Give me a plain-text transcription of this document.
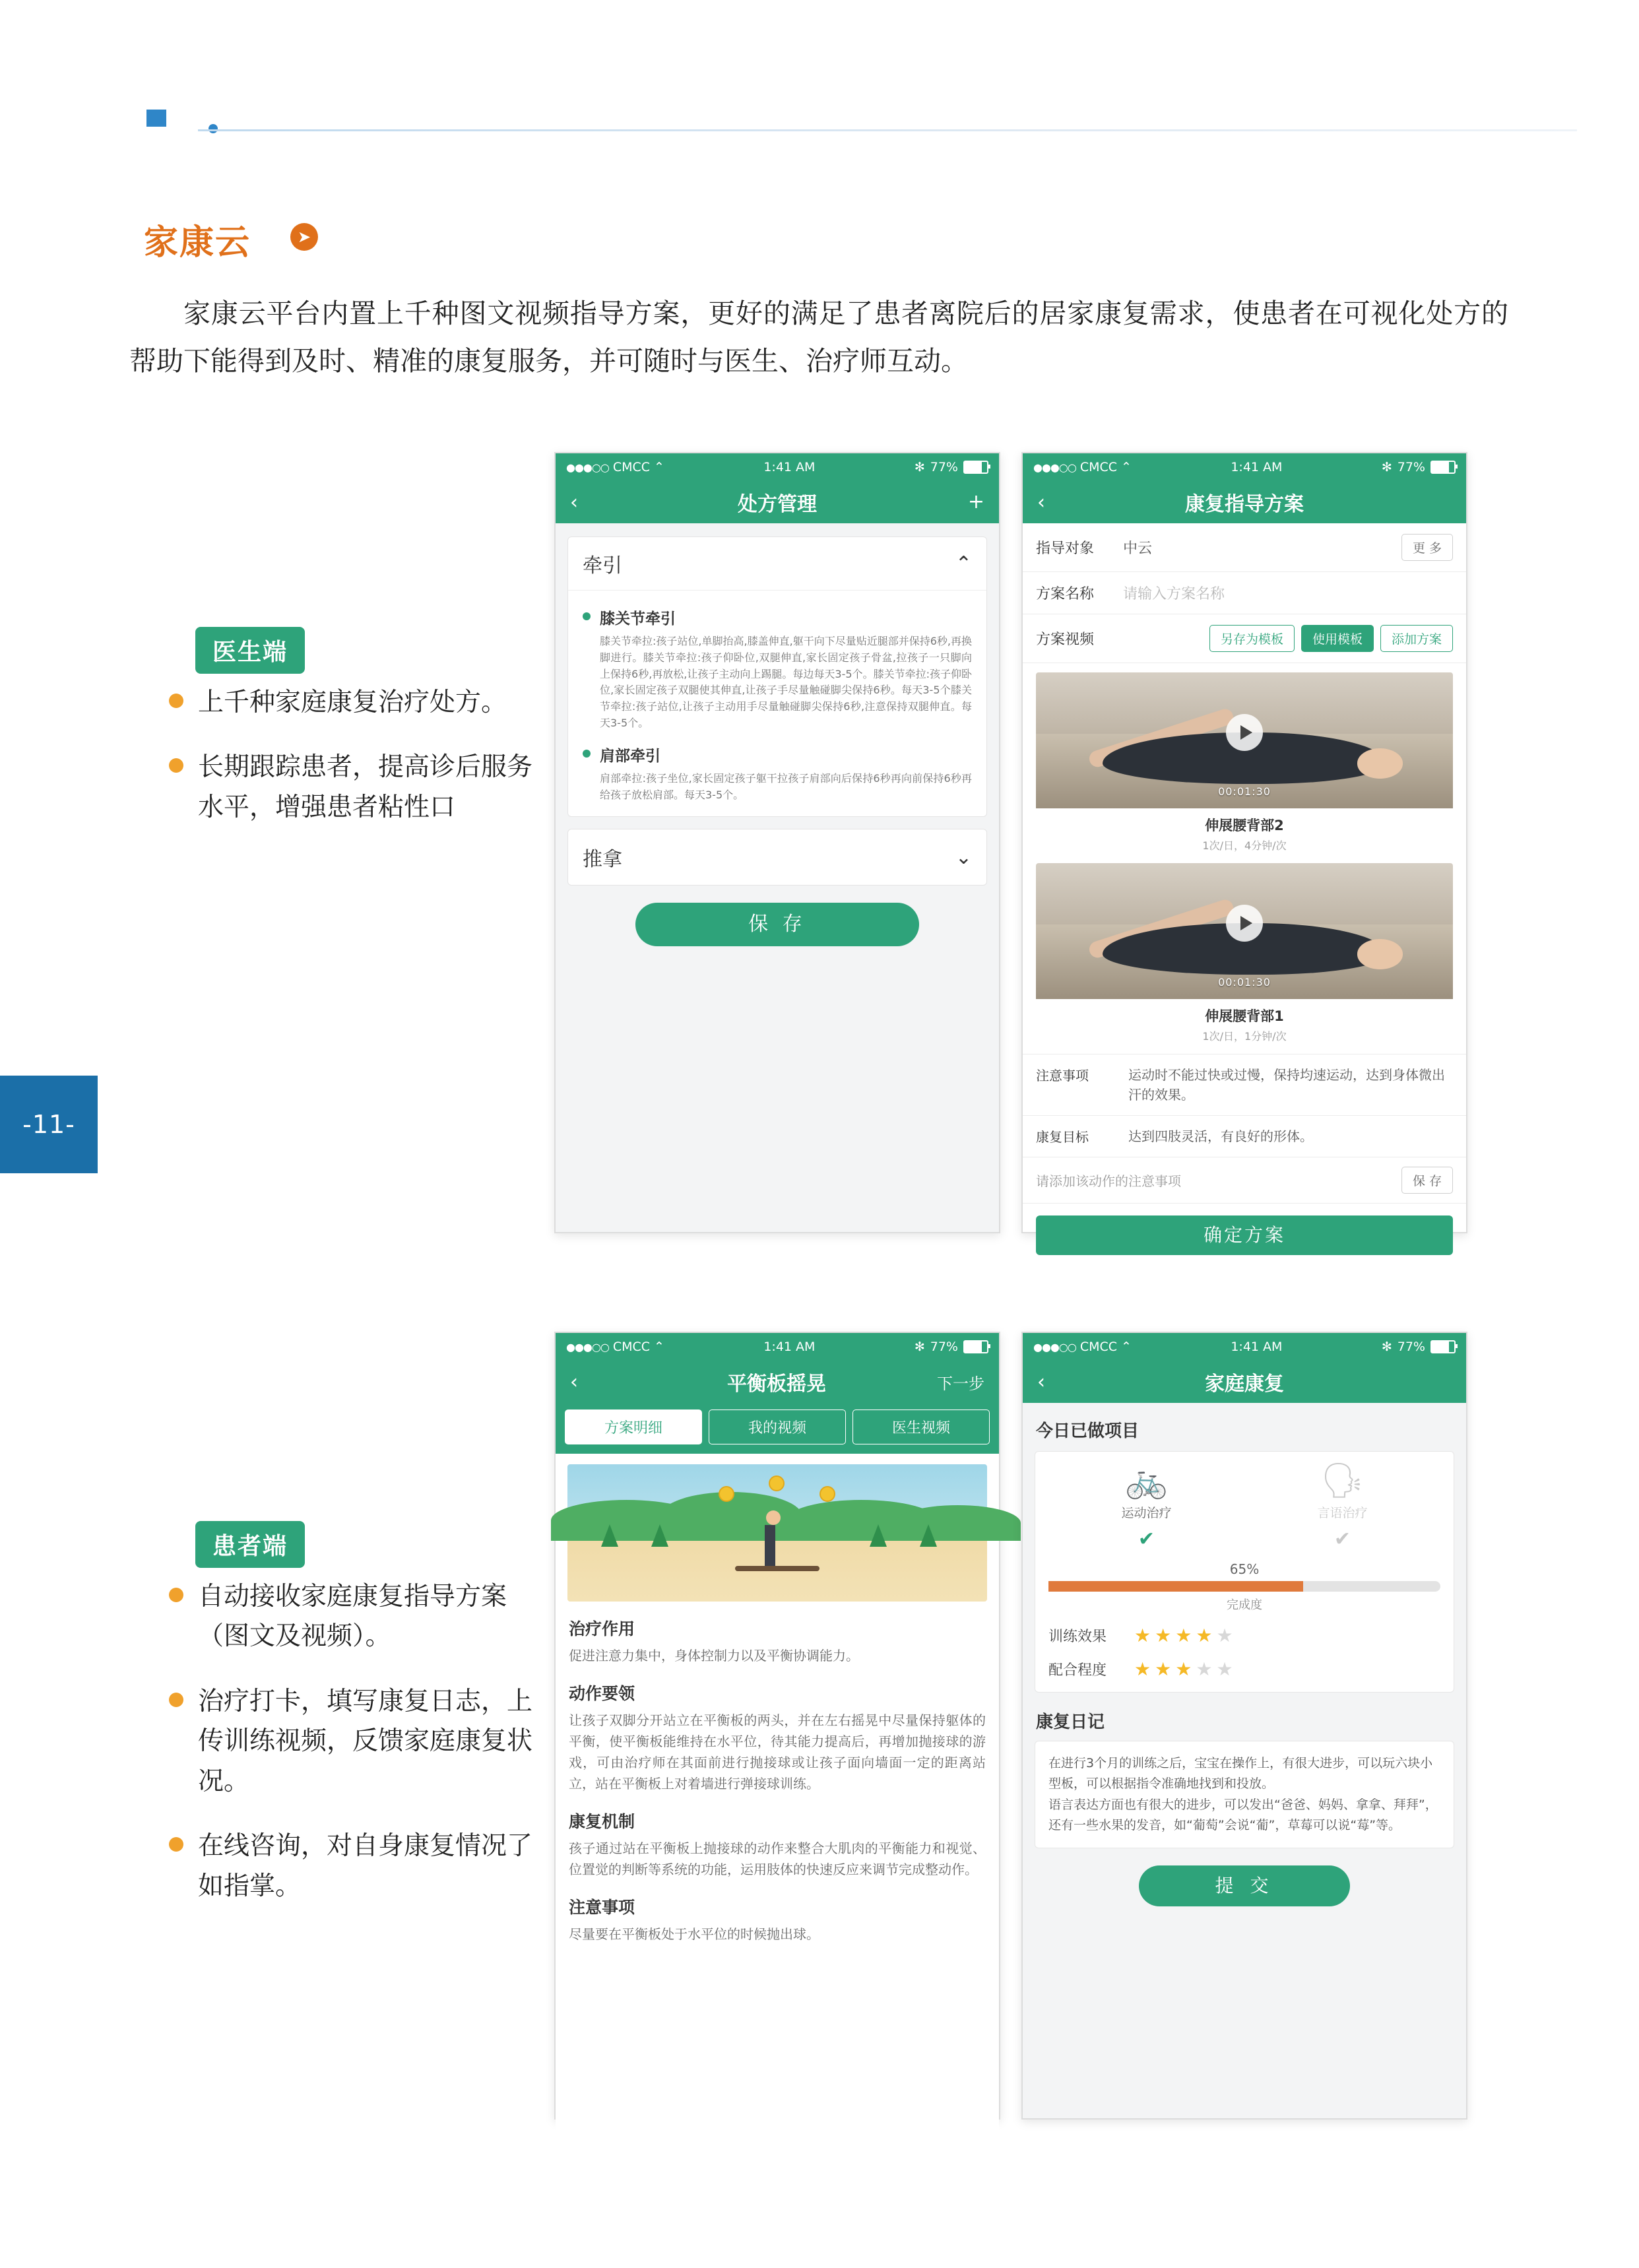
-11-
家康云	➤
家康云平台内置上千种图文视频指导方案，更好的满足了患者离院后的居家康复需求，使患者在可视化处方的帮助下能得到及时、精准的康复服务，并可随时与医生、治疗师互动。
医生端
上千种家庭康复治疗处方。
长期跟踪患者，提高诊后服务水平，增强患者粘性口
患者端
自动接收家庭康复指导方案（图文及视频）。
治疗打卡，填写康复日志，上传训练视频，反馈家庭康复状况。
在线咨询，对自身康复情况了如指掌。
●●●○○ CMCC ⌃	1:41 AM	✻ 77%
‹	处方管理	+
牵引	⌃
膝关节牵引
膝关节牵拉:孩子站位,单脚抬高,膝盖伸直,躯干向下尽量贴近腿部并保持6秒,再换脚进行。膝关节牵拉:孩子仰卧位,双腿伸直,家长固定孩子骨盆,拉孩子一只脚向上保持6秒,再放松,让孩子主动向上踢腿。每边每天3-5个。膝关节牵拉:孩子仰卧位,家长固定孩子双腿使其伸直,让孩子手尽量触碰脚尖保持6秒。每天3-5个膝关节牵拉:孩子站位,让孩子主动用手尽量触碰脚尖保持6秒,注意保持双腿伸直。每天3-5个。
肩部牵引
肩部牵拉:孩子坐位,家长固定孩子躯干拉孩子肩部向后保持6秒再向前保持6秒再给孩子放松肩部。每天3-5个。
推拿	⌄
保 存
●●●○○ CMCC ⌃	1:41 AM	✻ 77%
‹	康复指导方案
指导对象	中云	更 多
方案名称	请输入方案名称
方案视频	另存为模板	使用模板	添加方案
00:01:30
伸展腰背部2
1次/日，4分钟/次
00:01:30
伸展腰背部1
1次/日，1分钟/次
注意事项	运动时不能过快或过慢，保持均速运动，达到身体微出汗的效果。
康复目标	达到四肢灵活，有良好的形体。
请添加该动作的注意事项	保 存
确定方案
●●●○○ CMCC ⌃	1:41 AM	✻ 77%
‹	平衡板摇晃	下一步
方案明细	我的视频	医生视频
治疗作用

促进注意力集中，身体控制力以及平衡协调能力。

动作要领

让孩子双脚分开站立在平衡板的两头，并在左右摇晃中尽量保持躯体的平衡，使平衡板能维持在水平位，待其能力提高后，再增加抛接球的游戏，可由治疗师在其面前进行抛接球或让孩子面向墙面一定的距离站立，站在平衡板上对着墙进行弹接球训练。

康复机制

孩子通过站在平衡板上抛接球的动作来整合大肌肉的平衡能力和视觉、位置觉的判断等系统的功能，运用肢体的快速反应来调节完成整动作。

注意事项

尽量要在平衡板处于水平位的时候抛出球。

●●●○○ CMCC ⌃	1:41 AM	✻ 77%
‹	家庭康复
今日已做项目
🚲
运动治疗
✔
🗣
言语治疗
✔
65%
完成度
训练效果	★★★★★
配合程度	★★★★★
康复日记
在进行3个月的训练之后，宝宝在操作上，有很大进步，可以玩六块小型板，可以根据指令准确地找到和投放。
语言表达方面也有很大的进步，可以发出“爸爸、妈妈、拿拿、拜拜”，还有一些水果的发音，如“葡萄”会说“葡”，草莓可以说“莓”等。
提 交
